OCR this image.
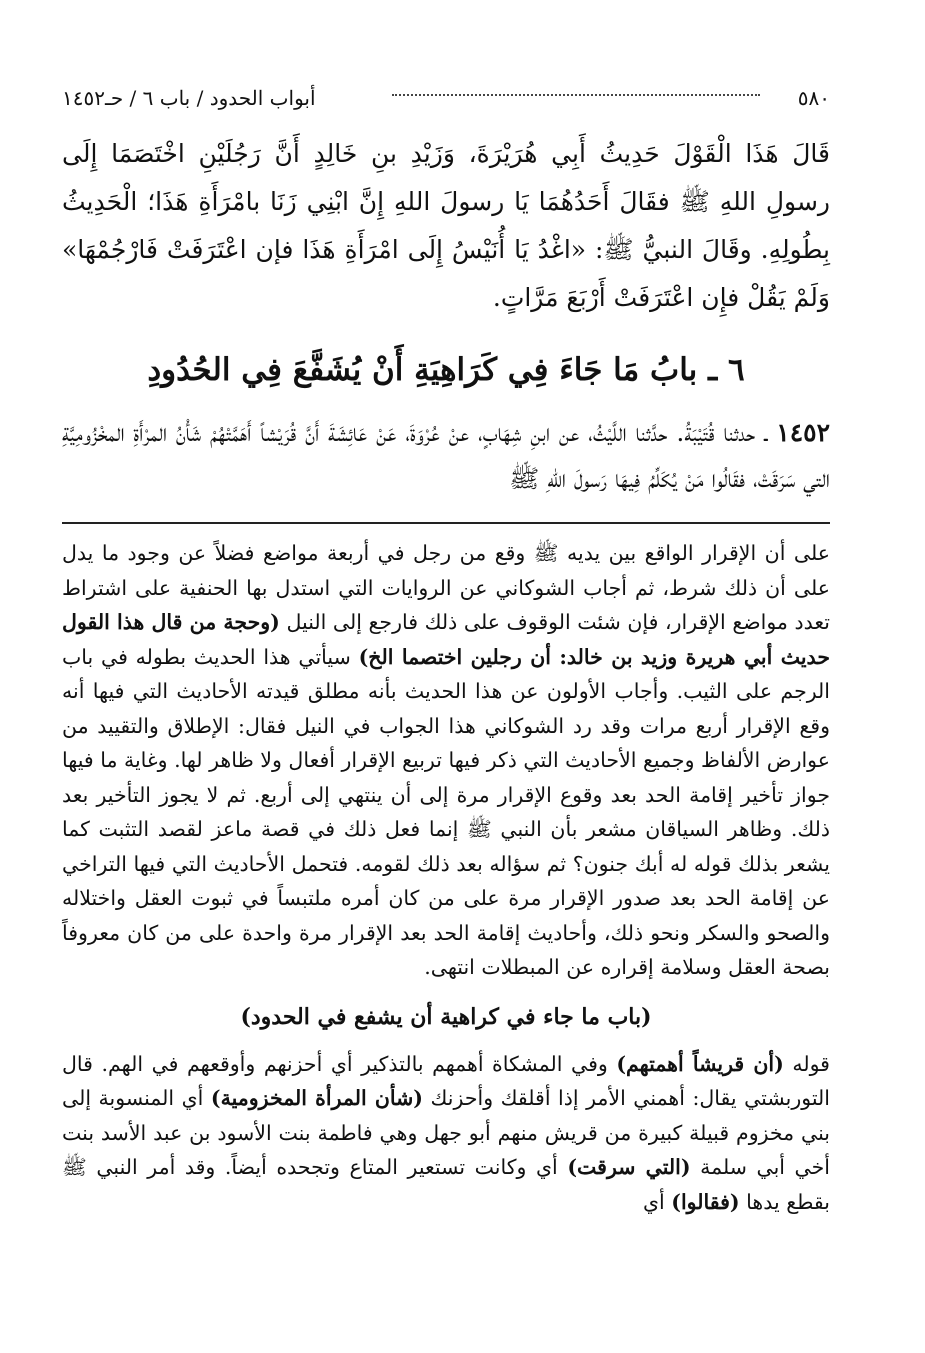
٥٨٠
أبواب الحدود / باب ٦ / حـ١٤٥٢
قَالَ هَذَا الْقَوْلَ حَدِيثُ أَبِي هُرَيْرَةَ، وَزَيْدِ بنِ خَالِدٍ أَنَّ رَجُلَيْنِ اخْتَصَمَا إِلَى رسولِ اللهِ ﷺ فقَالَ أَحَدُهُمَا يَا رسولَ اللهِ إِنَّ ابْنِي زَنَا بامْرَأَةِ هَذَا؛ الْحَدِيثُ بِطُولِهِ. وقَالَ النبيُّ ﷺ: «اغْدُ يَا أُنَيْسُ إِلَى امْرَأَةِ هَذَا فإن اعْتَرَفَتْ فَارْجُمْهَا» وَلَمْ يَقُلْ فإِن اعْتَرَفَتْ أَرْبَعَ مَرَّاتٍ.
٦ ـ بابُ مَا جَاءَ فِي كَرَاهِيَةِ أَنْ يُشَفَّعَ فِي الحُدُودِ
١٤٥٢ ـ حدثنا قُتَيْبَةُ. حدَّثنا اللَّيْثُ، عن ابنِ شِهَابٍ، عنْ عُرْوَةَ، عَنْ عَائِشَةَ أَنَّ قُرَيْشاً أَهَمَّتْهُمْ شَأْنُ المرْأَةِ المخْزُومِيَّةِ التي سَرَقَتْ، فقَالُوا مَنْ يُكَلِّمُ فِيهَا رَسولَ اللهِ ﷺ
على أن الإقرار الواقع بين يديه ﷺ وقع من رجل في أربعة مواضع فضلاً عن وجود ما يدل على أن ذلك شرط، ثم أجاب الشوكاني عن الروايات التي استدل بها الحنفية على اشتراط تعدد مواضع الإقرار، فإن شئت الوقوف على ذلك فارجع إلى النيل (وحجة من قال هذا القول حديث أبي هريرة وزيد بن خالد: أن رجلين اختصما الخ) سيأتي هذا الحديث بطوله في باب الرجم على الثيب. وأجاب الأولون عن هذا الحديث بأنه مطلق قيدته الأحاديث التي فيها أنه وقع الإقرار أربع مرات وقد رد الشوكاني هذا الجواب في النيل فقال: الإطلاق والتقييد من عوارض الألفاظ وجميع الأحاديث التي ذكر فيها تربيع الإقرار أفعال ولا ظاهر لها. وغاية ما فيها جواز تأخير إقامة الحد بعد وقوع الإقرار مرة إلى أن ينتهي إلى أربع. ثم لا يجوز التأخير بعد ذلك. وظاهر السياقان مشعر بأن النبي ﷺ إنما فعل ذلك في قصة ماعز لقصد التثبت كما يشعر بذلك قوله له أبك جنون؟ ثم سؤاله بعد ذلك لقومه. فتحمل الأحاديث التي فيها التراخي عن إقامة الحد بعد صدور الإقرار مرة على من كان أمره ملتبساً في ثبوت العقل واختلاله والصحو والسكر ونحو ذلك، وأحاديث إقامة الحد بعد الإقرار مرة واحدة على من كان معروفاً بصحة العقل وسلامة إقراره عن المبطلات انتهى.
(باب ما جاء في كراهية أن يشفع في الحدود)
قوله (أن قريشاً أهمتهم) وفي المشكاة أهمهم بالتذكير أي أحزنهم وأوقعهم في الهم. قال التوربشتي يقال: أهمني الأمر إذا أقلقك وأحزنك (شأن المرأة المخزومية) أي المنسوبة إلى بني مخزوم قبيلة كبيرة من قريش منهم أبو جهل وهي فاطمة بنت الأسود بن عبد الأسد بنت أخي أبي سلمة (التي سرقت) أي وكانت تستعير المتاع وتجحده أيضاً. وقد أمر النبي ﷺ بقطع يدها (فقالوا) أي
